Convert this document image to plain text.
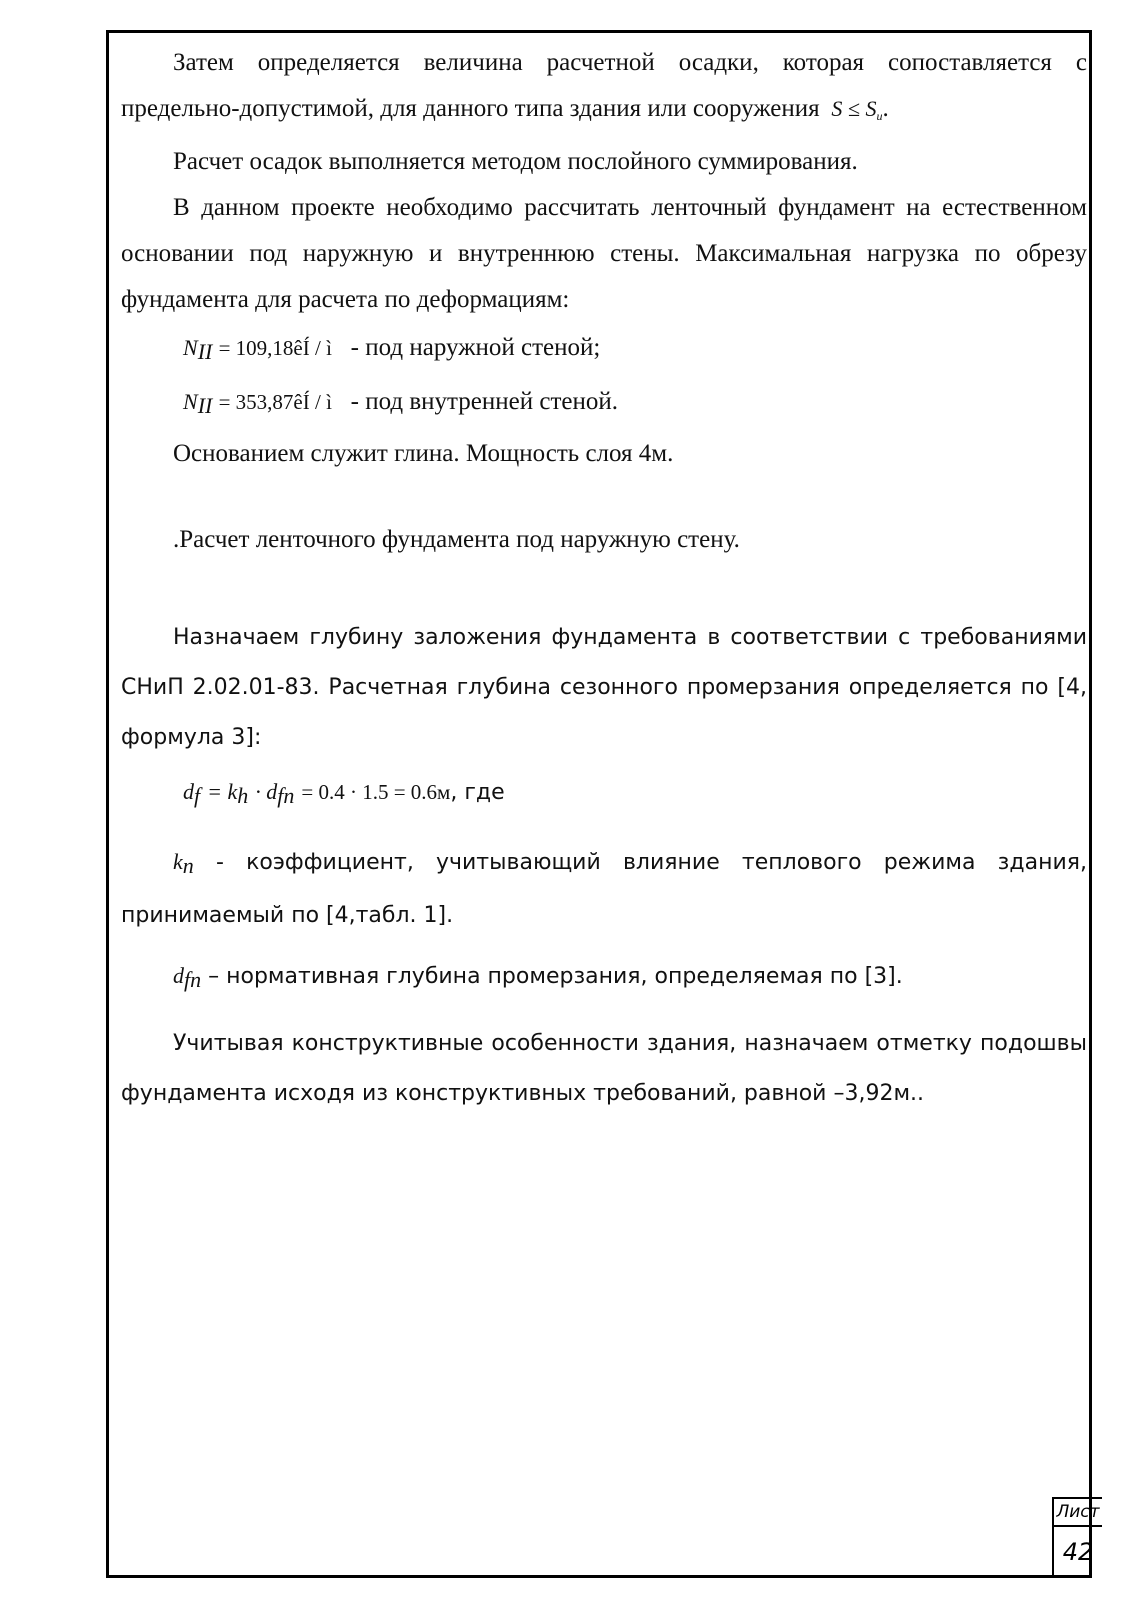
Затем определяется величина расчетной осадки, которая сопоставляется с предельно-допустимой, для данного типа здания или сооружения $S \le S_u$.

Расчет осадок выполняется методом послойного суммирования.

В данном проекте необходимо рассчитать ленточный фундамент на естественном основании под наружную и внутреннюю стены. Максимальная нагрузка по обрезу фундамента для расчета по деформациям:

$N_{II}$ = 109,18êÍ / ì - под наружной стеной;
$N_{II}$ = 353,87êÍ / ì - под внутренней стеной.

Основанием служит глина. Мощность слоя 4м.

.Расчет ленточного фундамента под наружную стену.

Назначаем глубину заложения фундамента в соответствии с требованиями СНиП 2.02.01-83. Расчетная глубина сезонного промерзания определяется по [4, формула 3]:

$d_f = k_h \cdot d_{fn} = 0.4 \cdot 1.5 = 0.6м$, где

$k_n$ - коэффициент, учитывающий влияние теплового режима здания, принимаемый по [4,табл. 1].

$d_{fn}$ – нормативная глубина промерзания, определяемая по [3].

Учитывая конструктивные особенности здания, назначаем отметку подошвы фундамента исходя из конструктивных требований, равной –3,92м..

Лист
42
